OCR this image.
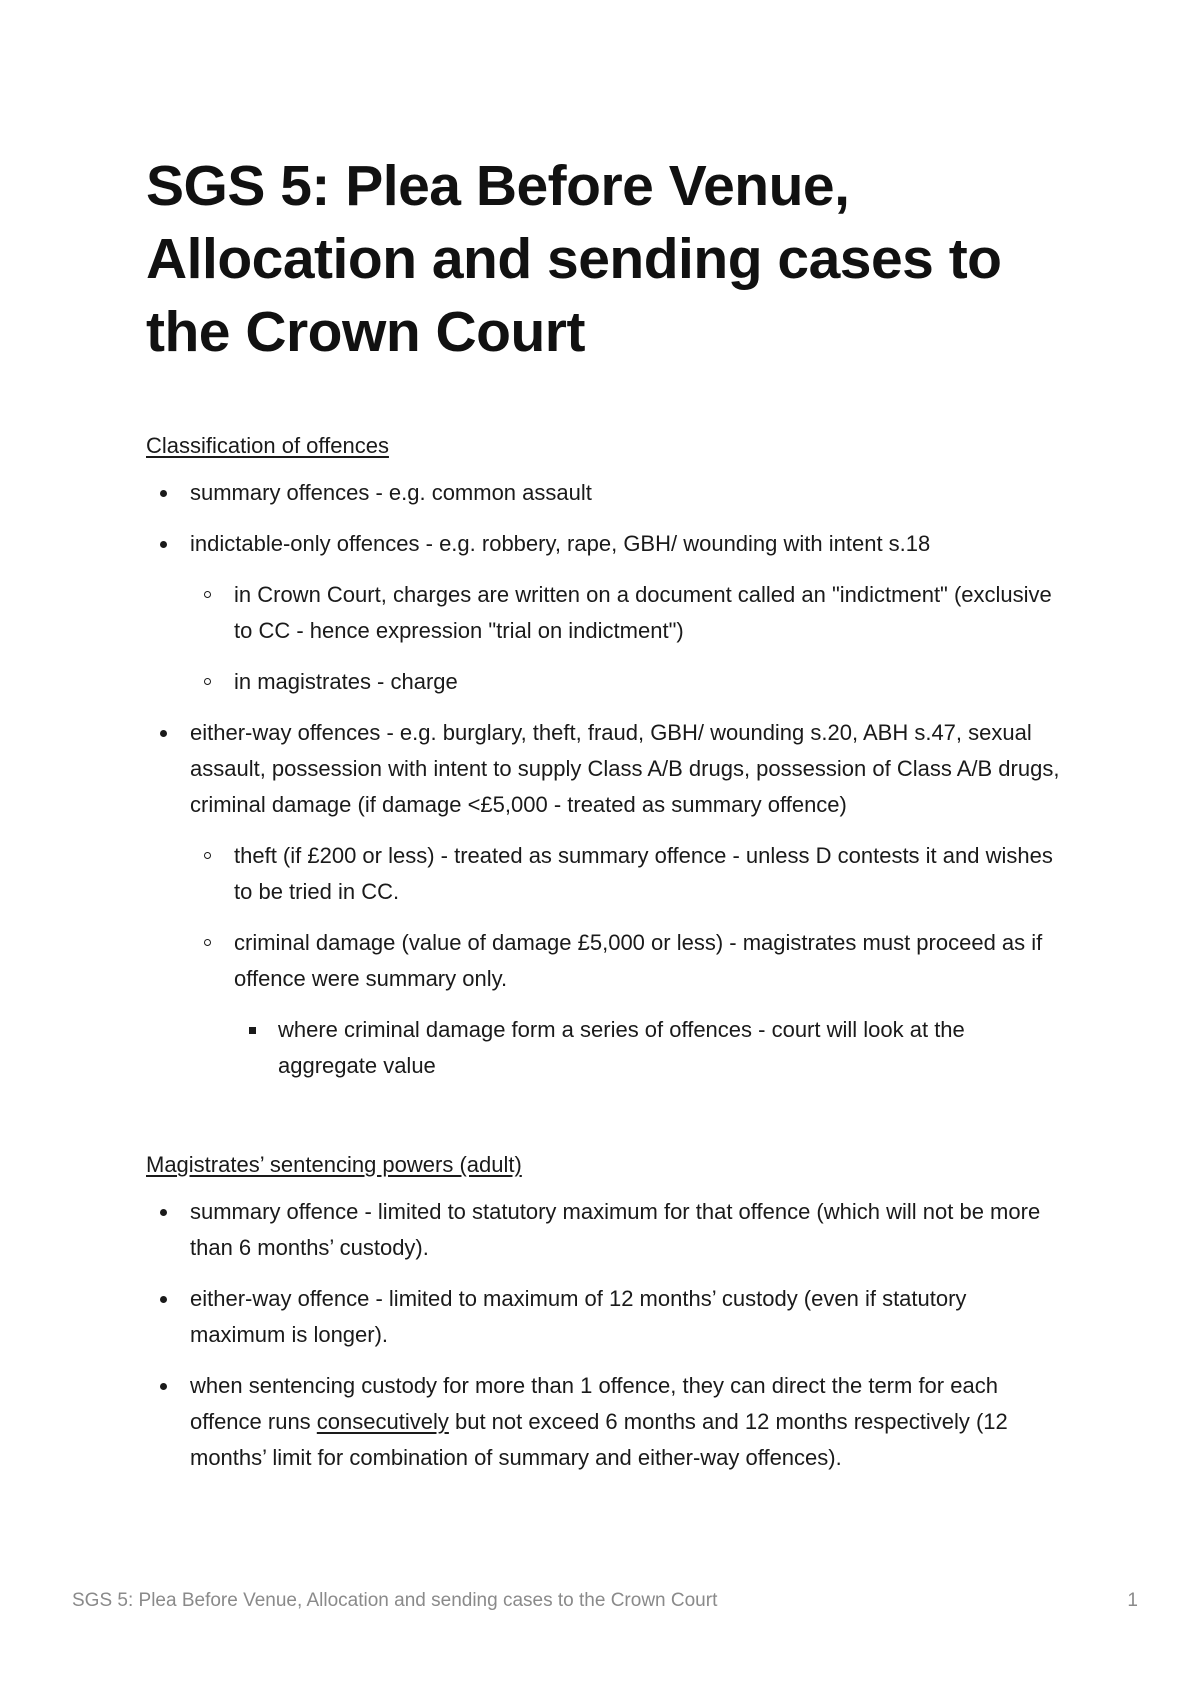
SGS 5: Plea Before Venue, Allocation and sending cases to the Crown Court
Classification of offences
summary offences - e.g. common assault
indictable-only offences - e.g. robbery, rape, GBH/ wounding with intent s.18
in Crown Court, charges are written on a document called an "indictment" (exclusive to CC - hence expression "trial on indictment")
in magistrates - charge
either-way offences - e.g. burglary, theft, fraud, GBH/ wounding s.20, ABH s.47, sexual assault, possession with intent to supply Class A/B drugs, possession of Class A/B drugs, criminal damage (if damage <£5,000 - treated as summary offence)
theft (if £200 or less) - treated as summary offence - unless D contests it and wishes to be tried in CC.
criminal damage (value of damage £5,000 or less) - magistrates must proceed as if offence were summary only.
where criminal damage form a series of offences - court will look at the aggregate value
Magistrates’ sentencing powers (adult)
summary offence - limited to statutory maximum for that offence (which will not be more than 6 months’ custody).
either-way offence - limited to maximum of 12 months’ custody (even if statutory maximum is longer).
when sentencing custody for more than 1 offence, they can direct the term for each offence runs consecutively but not exceed 6 months and 12 months respectively (12 months’ limit for combination of summary and either-way offences).
SGS 5: Plea Before Venue, Allocation and sending cases to the Crown Court	1
